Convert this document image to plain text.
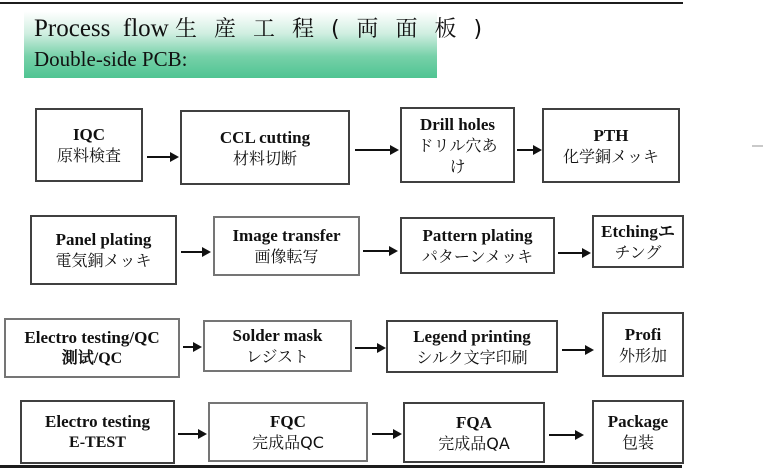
Process  flow 生 産 工 程 ( 両 面 板 )
Double-side PCB:
IQC
原料検査
CCL cutting
材料切断
Drill holes
ドリル穴あ
け
PTH
化学銅メッキ
Panel plating
電気銅メッキ
Image transfer
画像転写
Pattern plating
パターンメッキ
Etchingエ
チング
Electro testing/QC
測试/QC
Solder mask
レジスト
Legend printing
シルク文字印刷
Profi
外形加
Electro testing
E-TEST
FQC
完成品QC
FQA
完成品QA
Package
包装
